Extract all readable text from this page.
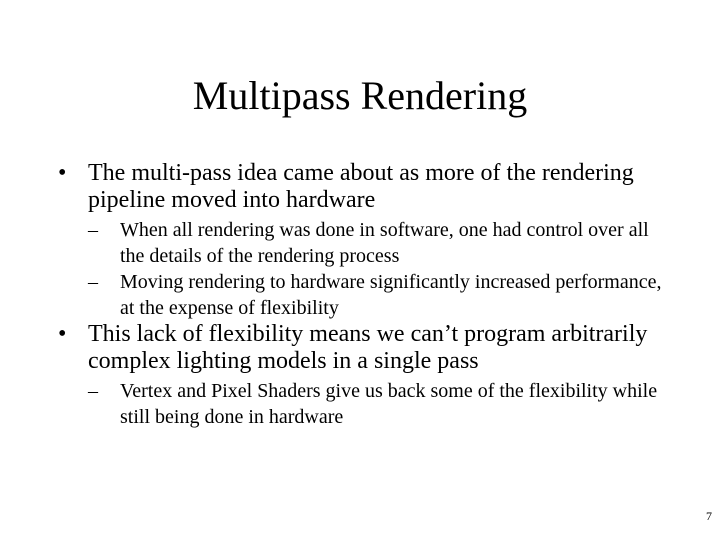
Multipass Rendering
• The multi-pass idea came about as more of the rendering pipeline moved into hardware
–	When all rendering was done in software, one had control over all the details of the rendering process
–	Moving rendering to hardware significantly increased performance, at the expense of flexibility
• This lack of flexibility means we can’t program arbitrarily complex lighting models in a single pass
–	Vertex and Pixel Shaders give us back some of the flexibility while still being done in hardware
7
